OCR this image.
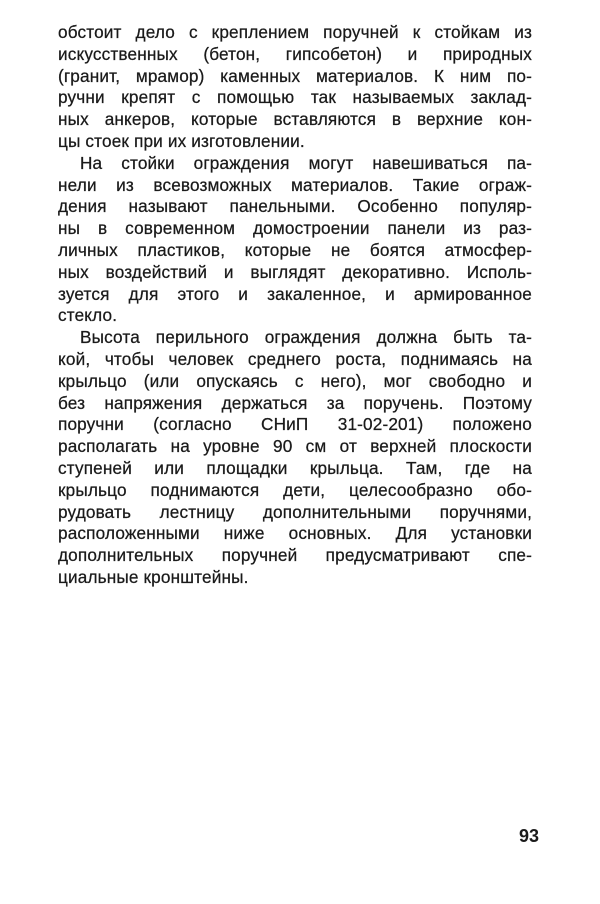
обстоит дело с креплением поручней к стойкам из
искусственных (бетон, гипсобетон) и природных
(гранит, мрамор) каменных материалов. К ним по-
ручни крепят с помощью так называемых заклад-
ных анкеров, которые вставляются в верхние кон-
цы стоек при их изготовлении.
На стойки ограждения могут навешиваться па-
нели из всевозможных материалов. Такие ограж-
дения называют панельными. Особенно популяр-
ны в современном домостроении панели из раз-
личных пластиков, которые не боятся атмосфер-
ных воздействий и выглядят декоративно. Исполь-
зуется для этого и закаленное, и армированное
стекло.
Высота перильного ограждения должна быть та-
кой, чтобы человек среднего роста, поднимаясь на
крыльцо (или опускаясь с него), мог свободно и
без напряжения держаться за поручень. Поэтому
поручни (согласно СНиП 31-02-201) положено
располагать на уровне 90 см от верхней плоскости
ступеней или площадки крыльца. Там, где на
крыльцо поднимаются дети, целесообразно обо-
рудовать лестницу дополнительными поручнями,
расположенными ниже основных. Для установки
дополнительных поручней предусматривают спе-
циальные кронштейны.
93
